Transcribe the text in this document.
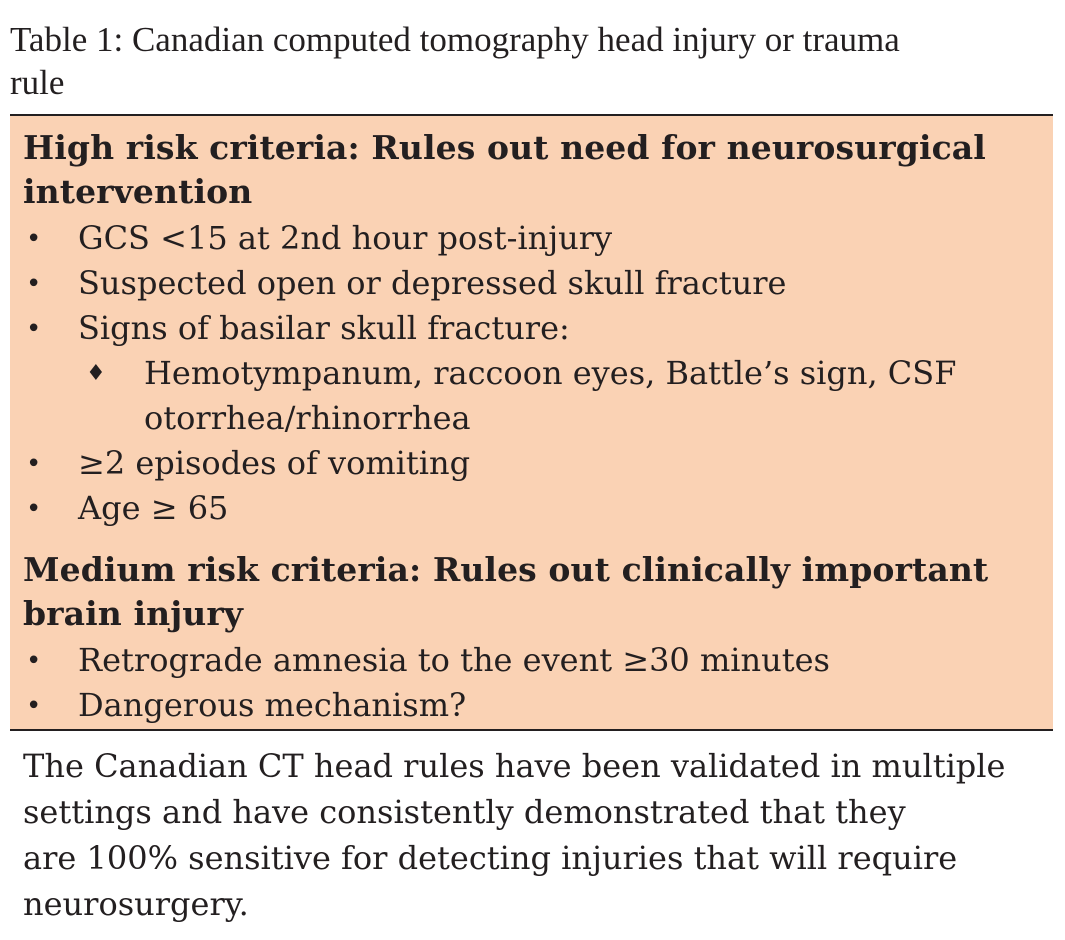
Table 1: Canadian computed tomography head injury or trauma
rule
High risk criteria: Rules out need for neurosurgical
intervention
• GCS <15 at 2nd hour post-injury
• Suspected open or depressed skull fracture
• Signs of basilar skull fracture:
♦ Hemotympanum, raccoon eyes, Battle’s sign, CSF
otorrhea/rhinorrhea
• ≥2 episodes of vomiting
• Age ≥ 65
Medium risk criteria: Rules out clinically important
brain injury
• Retrograde amnesia to the event ≥30 minutes
• Dangerous mechanism?
The Canadian CT head rules have been validated in multiple
settings and have consistently demonstrated that they
are 100% sensitive for detecting injuries that will require
neurosurgery.
